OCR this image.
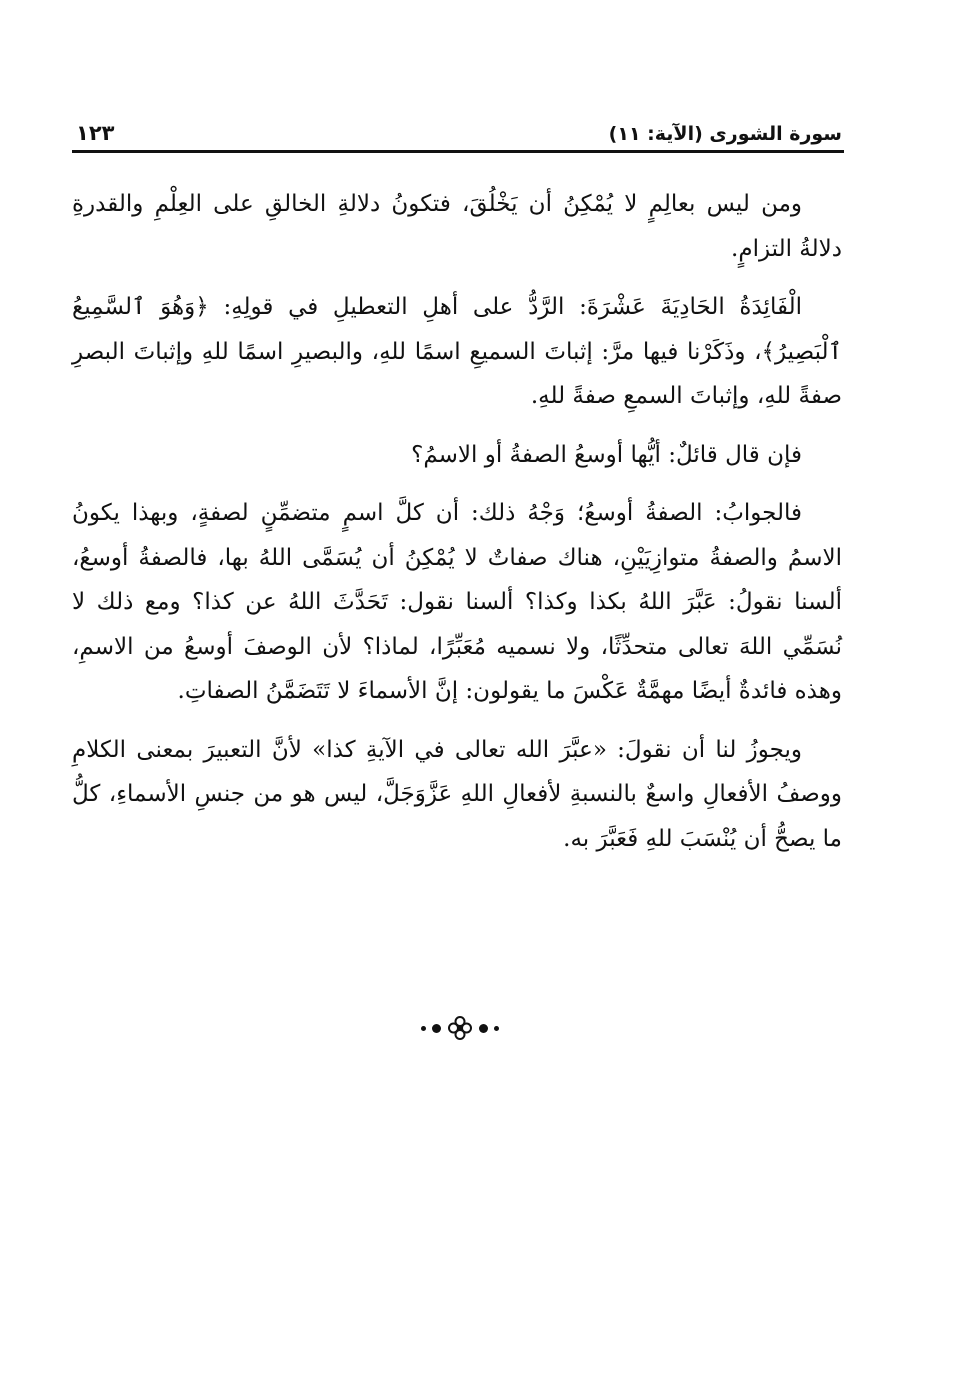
١٢٣	سورة الشورى (الآية: ١١)

ومن ليس بعالِمٍ لا يُمْكِنُ أن يَخْلُقَ، فتكونُ دلالةِ الخالقِ على العِلْمِ والقدرةِ دلالةُ التزامٍ.

الْفَائِدَةُ الحَادِيَةَ عَشْرَةَ: الرَّدُّ على أهلِ التعطيلِ في قولِهِ: ﴿وَهُوَ ٱلسَّمِيعُ ٱلْبَصِيرُ﴾، وذَكَرْنا فيها مرَّ: إثباتَ السميعِ اسمًا للهِ، والبصيرِ اسمًا للهِ وإثباتَ البصرِ صفةً للهِ، وإثباتَ السمعِ صفةً للهِ.

فإن قال قائلٌ: أيُّها أوسعُ الصفةُ أو الاسمُ؟

فالجوابُ: الصفةُ أوسعُ؛ وَجْهُ ذلك: أن كلَّ اسمٍ متضمِّنٍ لصفةٍ، وبهذا يكونُ الاسمُ والصفةُ متوازِيَيْنِ، هناك صفاتٌ لا يُمْكِنُ أن يُسَمَّى اللهُ بها، فالصفةُ أوسعُ، ألسنا نقولُ: عَبَّرَ اللهُ بكذا وكذا؟ ألسنا نقول: تَحَدَّثَ اللهُ عن كذا؟ ومع ذلك لا نُسَمِّي اللهَ تعالى متحدِّثًا، ولا نسميه مُعَبِّرًا، لماذا؟ لأن الوصفَ أوسعُ من الاسمِ، وهذه فائدةٌ أيضًا مهمَّةٌ عَكْسَ ما يقولون: إنَّ الأسماءَ لا تَتَضَمَّنُ الصفاتِ.

ويجوزُ لنا أن نقولَ: «عبَّرَ الله تعالى في الآيةِ كذا» لأنَّ التعبيرَ بمعنى الكلامِ ووصفُ الأفعالِ واسعٌ بالنسبةِ لأفعالِ اللهِ عَزَّوَجَلَّ، ليس هو من جنسِ الأسماءِ، كلُّ ما يصحُّ أن يُنْسَبَ للهِ فَعَبَّرَ به.
